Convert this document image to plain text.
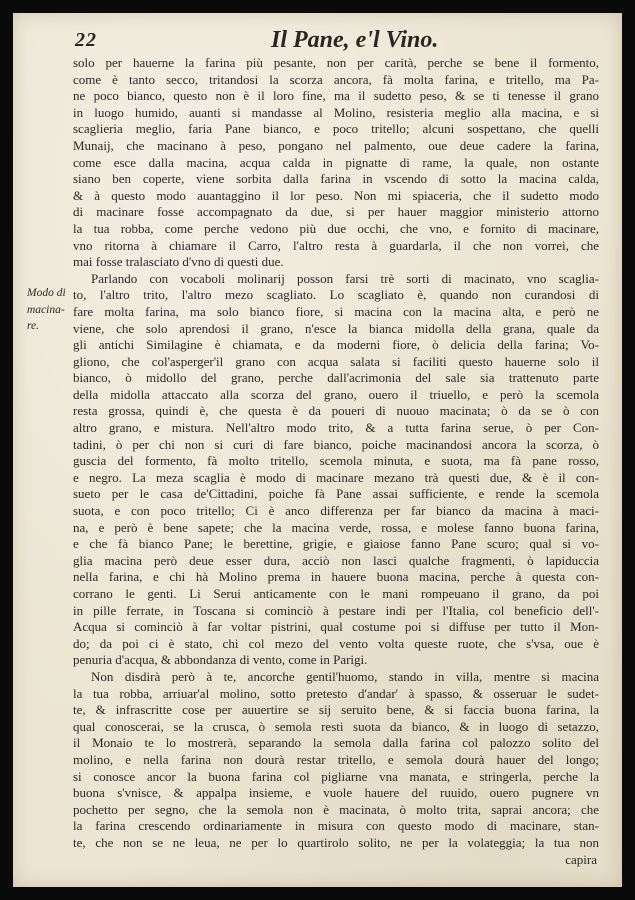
22	Il Pane, e'l Vino.
Modo di
macina-
re.
solo per hauerne la farina più pesante, non per carità, perche se bene il formento,
come è tanto secco, tritandosi la scorza ancora, fà molta farina, e tritello, ma Pa-
ne poco bianco, questo non è il loro fine, ma il sudetto peso, & se ti tenesse il grano
in luogo humido, auanti si mandasse al Molino, resisteria meglio alla macina, e si
scaglieria meglio, faria Pane bianco, e poco tritello; alcuni sospettano, che quelli
Munaij, che macinano à peso, pongano nel palmento, oue deue cadere la farina,
come esce dalla macina, acqua calda in pignatte di rame, la quale, non ostante
siano ben coperte, viene sorbita dalla farina in vscendo di sotto la macina calda,
& à questo modo auantaggino il lor peso. Non mi spiaceria, che il sudetto modo
di macinare fosse accompagnato da due, si per hauer maggior ministerio attorno
la tua robba, come perche vedono più due occhi, che vno, e fornito di macinare,
vno ritorna à chiamare il Carro, l'altro resta à guardarla, il che non vorrei, che
mai fosse tralasciato d'vno di questi due.
Parlando con vocaboli molinarij posson farsi trè sorti di macinato, vno scaglia-
to, l'altro trito, l'altro mezo scagliato. Lo scagliato è, quando non curandosi di
fare molta farina, ma solo bianco fiore, si macina con la macina alta, e però ne
viene, che solo aprendosi il grano, n'esce la bianca midolla della grana, quale da
gli antichi Similagine è chiamata, e da moderni fiore, ò delicia della farina; Vo-
gliono, che col'asperger'il grano con acqua salata si faciliti questo hauerne solo il
bianco, ò midollo del grano, perche dall'acrimonia del sale sia trattenuto parte
della midolla attaccato alla scorza del grano, ouero il triuello, e però la scemola
resta grossa, quindi è, che questa è da poueri di nuouo macinata; ò da se ò con
altro grano, e mistura. Nell'altro modo trito, & a tutta farina serue, ò per Con-
tadini, ò per chi non si curi di fare bianco, poiche macinandosi ancora la scorza, ò
guscia del formento, fà molto tritello, scemola minuta, e suota, ma fà pane rosso,
e negro. La meza scaglia è modo di macinare mezano trà questi due, & è il con-
sueto per le casa de'Cittadini, poiche fà Pane assai sufficiente, e rende la scemola
suota, e con poco tritello; Ci è anco differenza per far bianco da macina à maci-
na, e però è bene sapete; che la macina verde, rossa, e molese fanno buona farina,
e che fà bianco Pane; le berettine, grigie, e giaiose fanno Pane scuro; qual si vo-
glia macina però deue esser dura, acciò non lasci qualche fragmenti, ò lapiduccia
nella farina, e chi hà Molino prema in hauere buona macina, perche à questa con-
corrano le genti. Li Serui anticamente con le mani rompeuano il grano, da poi
in pille ferrate, in Toscana si cominciò à pestare indi per l'Italia, col beneficio dell'-
Acqua si cominciò à far voltar pistrini, qual costume poi si diffuse per tutto il Mon-
do; da poi ci è stato, chi col mezo del vento volta queste ruote, che s'vsa, oue è
penuria d'acqua, & abbondanza di vento, come in Parigi.
Non disdirà però à te, ancorche gentil'huomo, stando in villa, mentre si macina
la tua robba, arriuar'al molino, sotto pretesto d'andar' à spasso, & osseruar le sudet-
te, & infrascritte cose per auuertire se sij seruito bene, & si faccia buona farina, la
qual conoscerai, se la crusca, ò semola resti suota da bianco, & in luogo di setazzo,
il Monaio te lo mostrerà, separando la semola dalla farina col palozzo solito del
molino, e nella farina non dourà restar tritello, e semola dourà hauer del longo;
si conosce ancor la buona farina col pigliarne vna manata, e stringerla, perche la
buona s'vnisce, & appalpa insieme, e vuole hauere del ruuido, ouero pugnere vn
pochetto per segno, che la semola non è macinata, ò molto trita, saprai ancora; che
la farina crescendo ordinariamente in misura con questo modo di macinare, stan-
te, che non se ne leua, ne per lo quartirolo solito, ne per la volateggia; la tua non
capira
